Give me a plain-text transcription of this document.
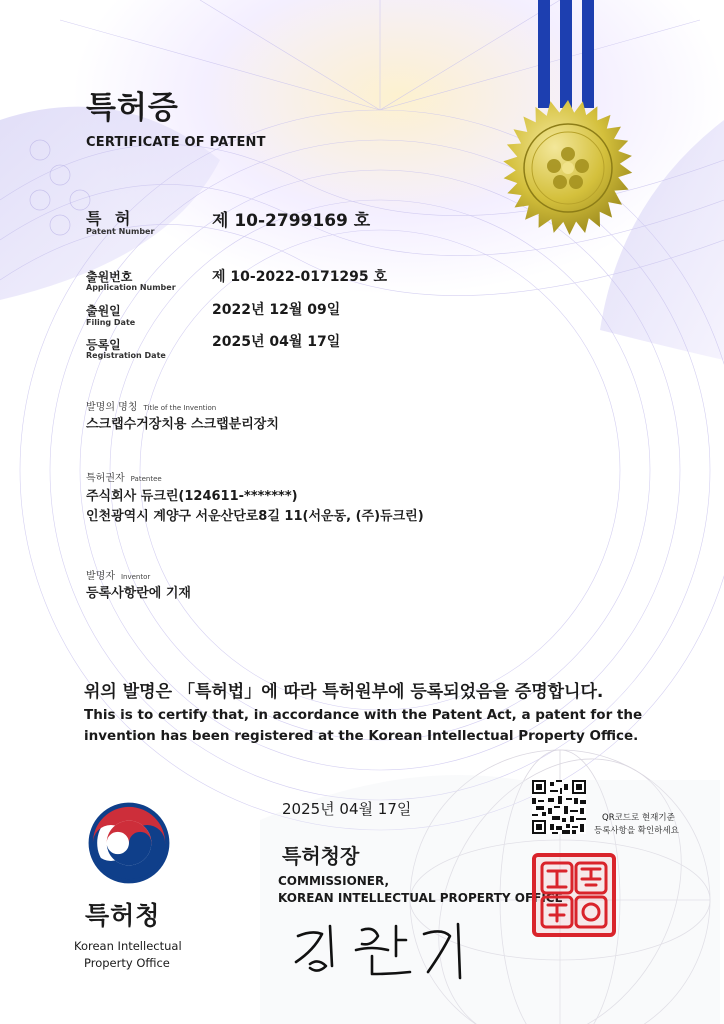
특허증
CERTIFICATE OF PATENT
특 허
Patent Number
제 10-2799169 호
출원번호
Application Number
제 10-2022-0171295 호
출원일
Filing Date
2022년 12월 09일
등록일
Registration Date
2025년 04월 17일
발명의 명칭 Title of the Invention
스크랩수거장치용 스크랩분리장치
특허권자 Patentee
주식회사 듀크린(124611-*******)
인천광역시 계양구 서운산단로8길 11(서운동, (주)듀크린)
발명자 Inventor
등록사항란에 기재
위의 발명은 「특허법」에 따라 특허원부에 등록되었음을 증명합니다.
This is to certify that, in accordance with the Patent Act, a patent for the
invention has been registered at the Korean Intellectual Property Office.
2025년 04월 17일	QR코드로 현재기준
등록사항을 확인하세요
특허청
Korean Intellectual
Property Office
특허청장
COMMISSIONER,
KOREAN INTELLECTUAL PROPERTY OFFICE
